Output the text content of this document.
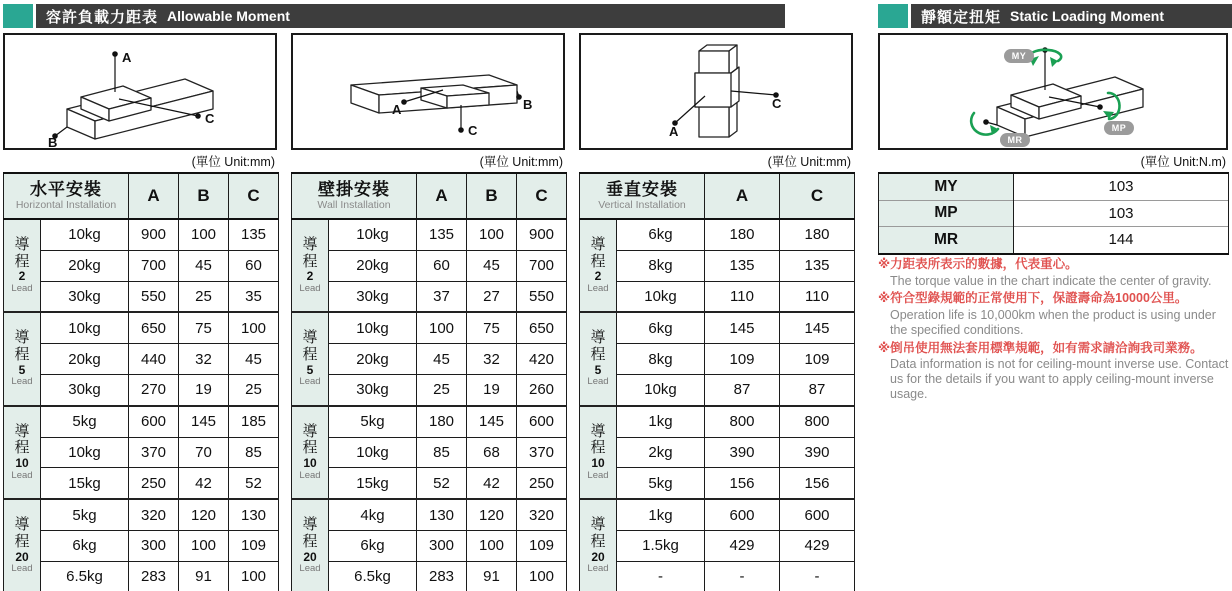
容許負載力距表 Allowable Moment	靜額定扭矩 Static Loading Moment
A
C
B
A	B
C	A
C
MY
MP
MR
(單位 Unit:mm)	(單位 Unit:mm)	(單位 Unit:mm)	(單位 Unit:N.m)
水平安裝
Horizontal Installation		A	B	C

導
程
2
Lead	10kg	900	100	135
	20kg	700	45	60
	30kg	550	25	35

導
程
5
Lead	10kg	650	75	100
	20kg	440	32	45
	30kg	270	19	25

導
程
10
Lead	5kg	600	145	185
	10kg	370	70	85
	15kg	250	42	52

導
程
20
Lead	5kg	320	120	130
	6kg	300	100	109
	6.5kg	283	91	100
壁掛安裝
Wall Installation		A	B	C

導
程
2
Lead	10kg	135	100	900
	20kg	60	45	700
	30kg	37	27	550

導
程
5
Lead	10kg	100	75	650
	20kg	45	32	420
	30kg	25	19	260

導
程
10
Lead	5kg	180	145	600
	10kg	85	68	370
	15kg	52	42	250

導
程
20
Lead	4kg	130	120	320
	6kg	300	100	109
	6.5kg	283	91	100
垂直安裝
Vertical Installation		A	C

導
程
2
Lead	6kg	180	180
	8kg	135	135
	10kg	110	110

導
程
5
Lead	6kg	145	145
	8kg	109	109
	10kg	87	87

導
程
10
Lead	1kg	800	800
	2kg	390	390
	5kg	156	156

導
程
20
Lead	1kg	600	600
	1.5kg	429	429
	-	-	-
MY	103
MP	103
MR	144
※力距表所表示的數據，代表重心。
The torque value in the chart indicate the center of gravity.
※符合型錄規範的正常使用下，保證壽命為10000公里。
Operation life is 10,000km when the product is using under the specified conditions.
※倒吊使用無法套用標準規範，如有需求請洽詢我司業務。
Data information is not for ceiling-mount inverse use. Contact us for the details if you want to apply ceiling-mount inverse usage.
